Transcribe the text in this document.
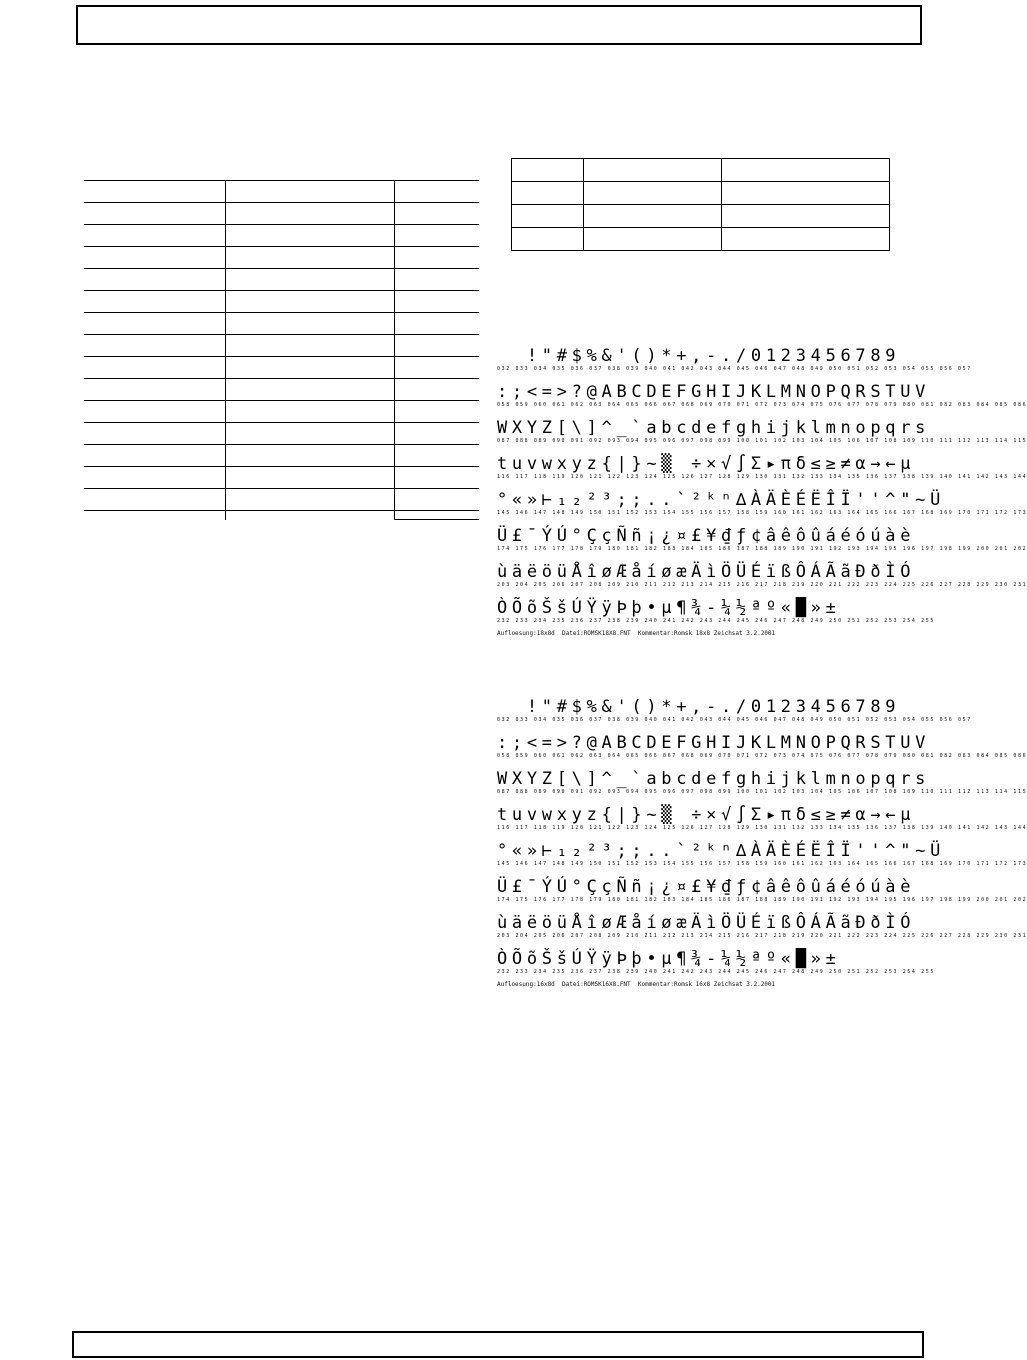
!"#$%&'()*+,-./0123456789
032 033 034 035 036 037 038 039 040 041 042 043 044 045 046 047 048 049 050 051 052 053 054 055 056 057
:;<=>?@ABCDEFGHIJKLMNOPQRSTUV
058 059 060 061 062 063 064 065 066 067 068 069 070 071 072 073 074 075 076 077 078 079 080 081 082 083 084 085 086
WXYZ[\]^_`abcdefghijklmnopqrs
087 088 089 090 091 092 093 094 095 096 097 098 099 100 101 102 103 104 105 106 107 108 109 110 111 112 113 114 115
tuvwxyz{|}~▒ ÷×√∫Σ▸πδ≤≥≠α→←µ
116 117 118 119 120 121 122 123 124 125 126 127 128 129 130 131 132 133 134 135 136 137 138 139 140 141 142 143 144
°«»⊢₁₂²³;;..`²ᵏⁿ∆ÀÄÈÉËÎÏ''^"~Ü
145 146 147 148 149 150 151 152 153 154 155 156 157 158 159 160 161 162 163 164 165 166 167 168 169 170 171 172 173
Ü£¯ÝÚ°ÇçÑñ¡¿¤£¥₫ƒ¢âêôûáéóúàè
174 175 176 177 178 179 180 181 182 183 184 185 186 187 188 189 190 191 192 193 194 195 196 197 198 199 200 201 202
ùäëöüÅîøÆåíøæÄìÖÜÉïßÔÁÃãÐðÌÓ
203 204 205 206 207 208 209 210 211 212 213 214 215 216 217 218 219 220 221 222 223 224 225 226 227 228 229 230 231
ÒÕõŠšÚŸÿÞþ•µ¶¾-¼½ªº«█»±
232 233 234 235 236 237 238 239 240 241 242 243 244 245 246 247 248 249 250 251 252 253 254 255
Aufloesung:18x8d  Datei:ROMSK18X8.FNT  Kommentar:Romsk 18x8 Zeichsat 3.2.2001
!"#$%&'()*+,-./0123456789
032 033 034 035 036 037 038 039 040 041 042 043 044 045 046 047 048 049 050 051 052 053 054 055 056 057
:;<=>?@ABCDEFGHIJKLMNOPQRSTUV
058 059 060 061 062 063 064 065 066 067 068 069 070 071 072 073 074 075 076 077 078 079 080 081 082 083 084 085 086
WXYZ[\]^_`abcdefghijklmnopqrs
087 088 089 090 091 092 093 094 095 096 097 098 099 100 101 102 103 104 105 106 107 108 109 110 111 112 113 114 115
tuvwxyz{|}~▒ ÷×√∫Σ▸πδ≤≥≠α→←µ
116 117 118 119 120 121 122 123 124 125 126 127 128 129 130 131 132 133 134 135 136 137 138 139 140 141 142 143 144
°«»⊢₁₂²³;;..`²ᵏⁿ∆ÀÄÈÉËÎÏ''^"~Ü
145 146 147 148 149 150 151 152 153 154 155 156 157 158 159 160 161 162 163 164 165 166 167 168 169 170 171 172 173
Ü£¯ÝÚ°ÇçÑñ¡¿¤£¥₫ƒ¢âêôûáéóúàè
174 175 176 177 178 179 180 181 182 183 184 185 186 187 188 189 190 191 192 193 194 195 196 197 198 199 200 201 202
ùäëöüÅîøÆåíøæÄìÖÜÉïßÔÁÃãÐðÌÓ
203 204 205 206 207 208 209 210 211 212 213 214 215 216 217 218 219 220 221 222 223 224 225 226 227 228 229 230 231
ÒÕõŠšÚŸÿÞþ•µ¶¾-¼½ªº«█»±
232 233 234 235 236 237 238 239 240 241 242 243 244 245 246 247 248 249 250 251 252 253 254 255
Aufloesung:16x8d  Datei:ROMSK16X8.FNT  Kommentar:Romsk 16x8 Zeichsat 3.2.2001
